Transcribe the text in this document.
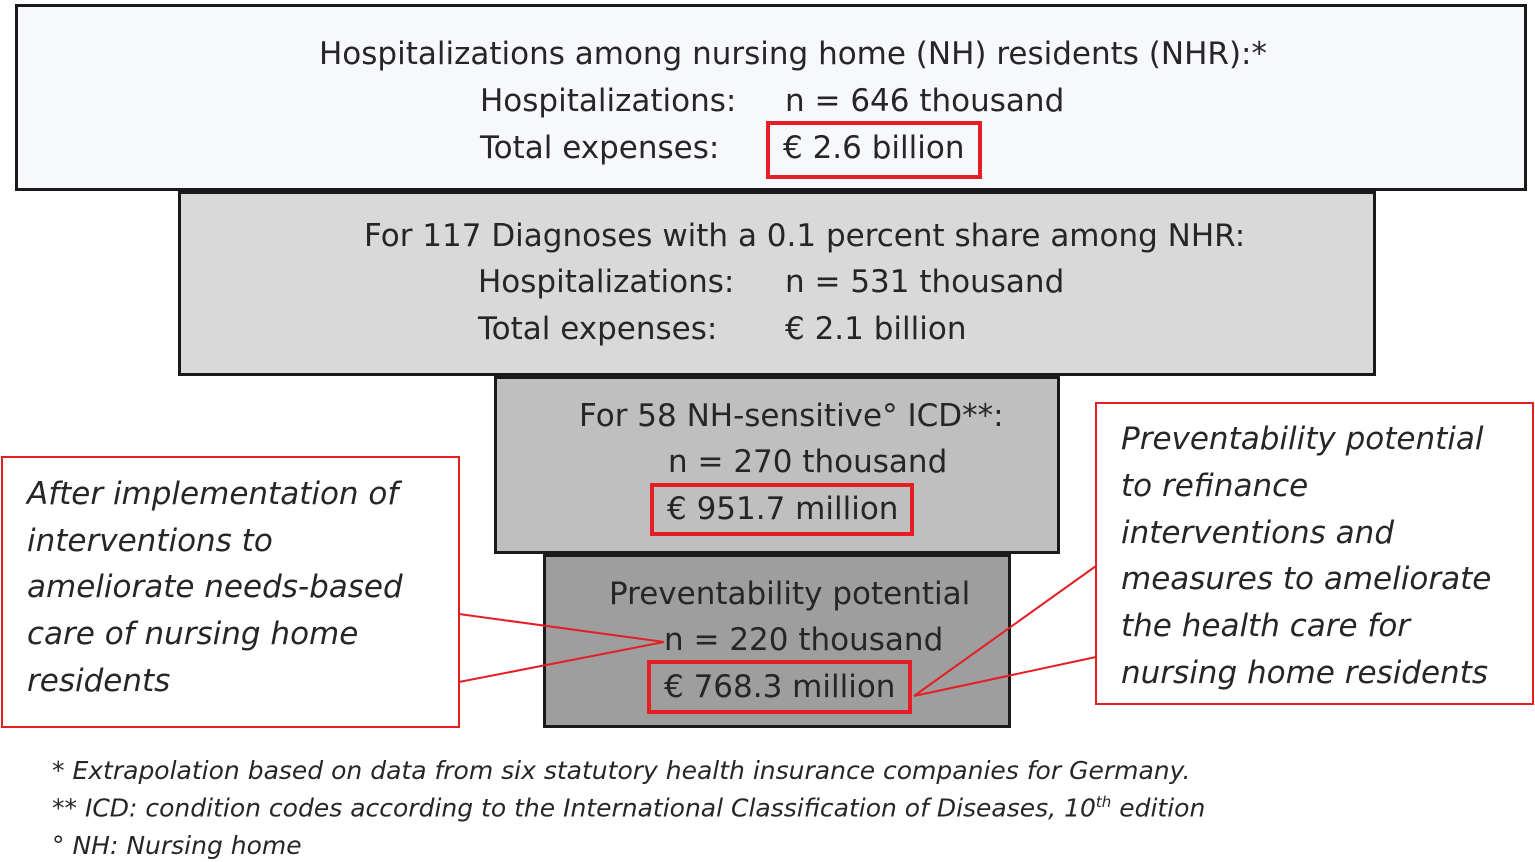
Hospitalizations among nursing home (NH) residents (NHR):*
Hospitalizations: n = 646 thousand
Total expenses: € 2.6 billion
For 117 Diagnoses with a 0.1 percent share among NHR:
Hospitalizations: n = 531 thousand
Total expenses: € 2.1 billion
For 58 NH-sensitive° ICD**:
n = 270 thousand
€ 951.7 million
Preventability potential
n = 220 thousand
€ 768.3 million
After implementation of
interventions to
ameliorate needs-based
care of nursing home
residents
Preventability potential
to refinance
interventions and
measures to ameliorate
the health care for
nursing home residents
* Extrapolation based on data from six statutory health insurance companies for Germany.
** ICD: condition codes according to the International Classification of Diseases, 10th edition
° NH: Nursing home
